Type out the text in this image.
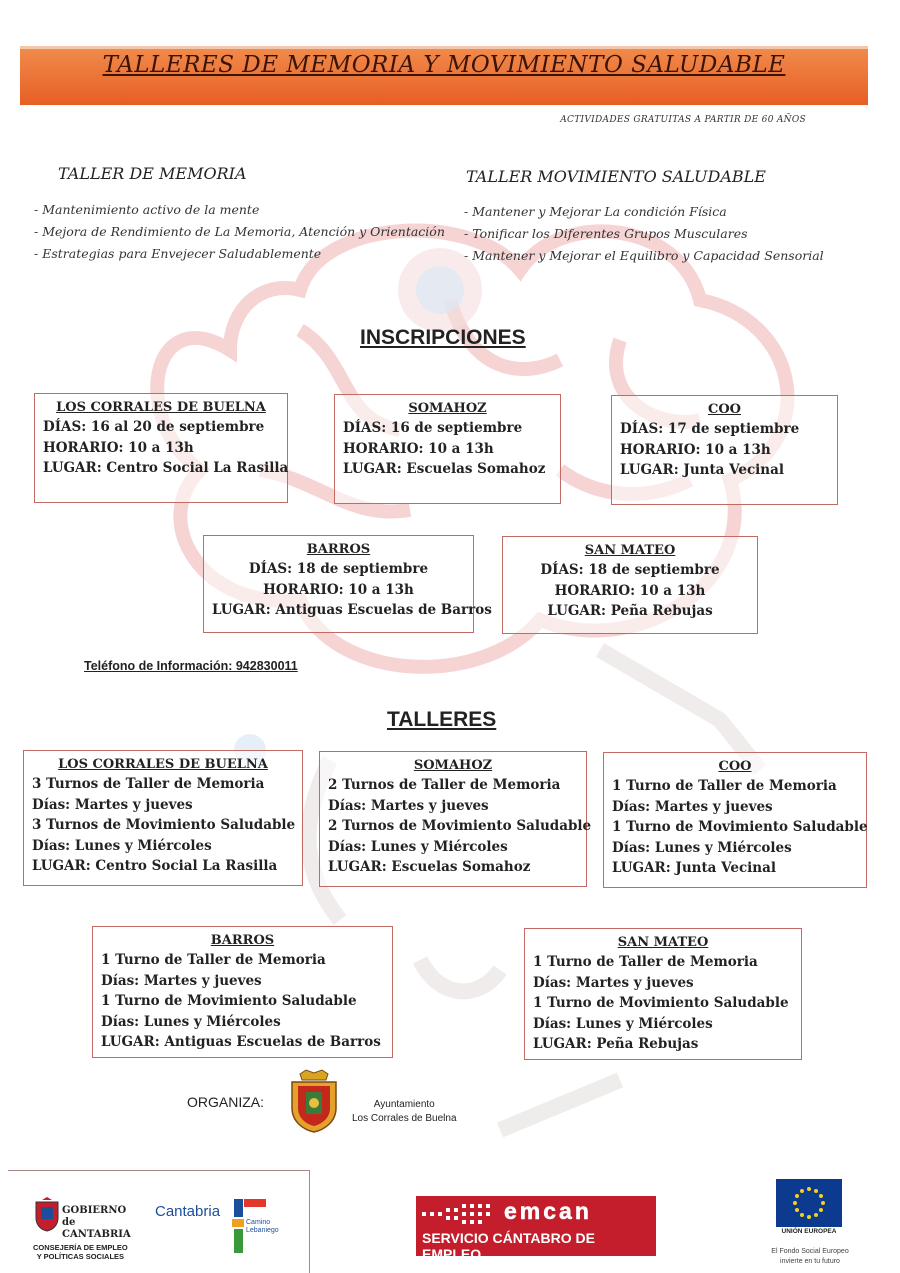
TALLERES DE MEMORIA Y MOVIMIENTO SALUDABLE
ACTIVIDADES GRATUITAS A PARTIR DE 60 AÑOS
TALLER DE MEMORIA
- Mantenimiento activo de la mente
- Mejora de Rendimiento de La Memoria, Atención y Orientación
- Estrategias para Envejecer Saludablemente
TALLER MOVIMIENTO SALUDABLE
- Mantener y Mejorar La condición Física
- Tonificar los Diferentes Grupos Musculares
- Mantener y Mejorar el Equilibro y Capacidad Sensorial
INSCRIPCIONES
LOS CORRALES DE BUELNA
DÍAS: 16 al 20 de septiembre
HORARIO: 10 a 13h
LUGAR: Centro Social La Rasilla
SOMAHOZ
DÍAS: 16 de septiembre
HORARIO: 10 a 13h
LUGAR: Escuelas Somahoz
COO
DÍAS: 17 de septiembre
HORARIO: 10 a 13h
LUGAR: Junta Vecinal
BARROS
DÍAS: 18 de septiembre
HORARIO: 10 a 13h
LUGAR: Antiguas Escuelas de Barros
SAN MATEO
DÍAS: 18 de septiembre
HORARIO: 10 a 13h
LUGAR: Peña Rebujas
Teléfono de Información: 942830011
TALLERES
LOS CORRALES DE BUELNA
3 Turnos de Taller de Memoria
Días: Martes y jueves
3 Turnos de Movimiento Saludable
Días: Lunes y Miércoles
LUGAR: Centro Social La Rasilla
SOMAHOZ
2 Turnos de Taller de Memoria
Días: Martes y jueves
2 Turnos de Movimiento Saludable
Días: Lunes y Miércoles
LUGAR: Escuelas Somahoz
COO
1 Turno de Taller de Memoria
Días: Martes y jueves
1 Turno de Movimiento Saludable
Días: Lunes y Miércoles
LUGAR: Junta Vecinal
BARROS
1 Turno de Taller de Memoria
Días: Martes y jueves
1 Turno de Movimiento Saludable
Días: Lunes y Miércoles
LUGAR: Antiguas Escuelas de Barros
SAN MATEO
1 Turno de Taller de Memoria
Días: Martes y jueves
1 Turno de Movimiento Saludable
Días: Lunes y Miércoles
LUGAR: Peña Rebujas
ORGANIZA:	Ayuntamiento
Los Corrales de Buelna
GOBIERNO
de
CANTABRIA
CONSEJERÍA DE EMPLEO
Y POLÍTICAS SOCIALES
Cantabria
Camino
Lebaniego
emcan
SERVICIO CÁNTABRO DE EMPLEO
UNIÓN EUROPEA
El Fondo Social Europeo
invierte en tu futuro
